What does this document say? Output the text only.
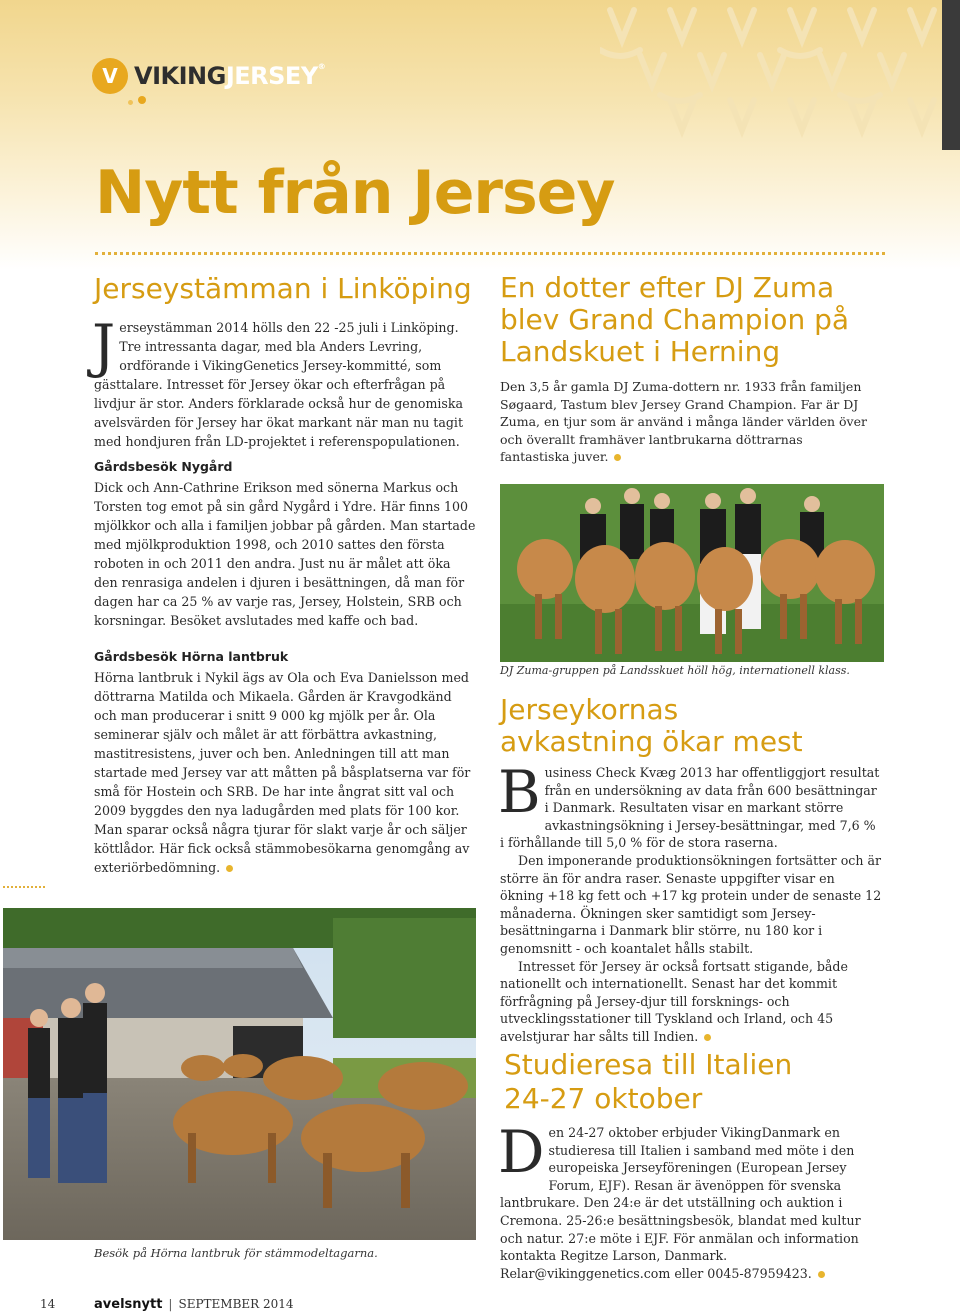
V VIKINGJERSEY®
Nytt från Jersey
Jerseystämman i Linköping

Jerseystämman 2014 hölls den 22 -25 juli i Linköping. Tre intressanta dagar, med bla Anders Levring, ordförande i VikingGenetics Jersey-kommitté, som gästtalare. Intresset för Jersey ökar och efterfrågan på livdjur är stor. Anders förklarade också hur de genomiska avelsvärden för Jersey har ökat markant när man nu tagit med hondjuren från LD-projektet i referenspopulationen.

Gårdsbesök Nygård

Dick och Ann-Cathrine Erikson med sönerna Markus och Torsten tog emot på sin gård Nygård i Ydre. Här finns 100 mjölkkor och alla i familjen jobbar på gården. Man startade med mjölkproduktion 1998, och 2010 sattes den första roboten in och 2011 den andra. Just nu är målet att öka den renrasiga andelen i djuren i besättningen, då man för dagen har ca 25 % av varje ras, Jersey, Holstein, SRB och korsningar. Besöket avslutades med kaffe och bad.

Gårdsbesök Hörna lantbruk

Hörna lantbruk i Nykil ägs av Ola och Eva Danielsson med döttrarna Matilda och Mikaela. Gården är Kravgodkänd och man producerar i snitt 9 000 kg mjölk per år. Ola seminerar själv och målet är att förbättra avkastning, mastitresistens, juver och ben. Anledningen till att man startade med Jersey var att måtten på båsplatserna var för små för Hostein och SRB. De har inte ångrat sitt val och 2009 byggdes den nya ladugården med plats för 100 kor. Man sparar också några tjurar för slakt varje år och säljer köttlådor. Här fick också stämmobesökarna genomgång av exteriörbedömning.

Besök på Hörna lantbruk för stämmodeltagarna.
En dotter efter DJ Zuma
blev Grand Champion på
Landskuet i Herning

Den 3,5 år gamla DJ Zuma-dottern nr. 1933 från familjen Søgaard, Tastum blev Jersey Grand Champion. Far är DJ Zuma, en tjur som är använd i många länder världen över och överallt framhäver lantbrukarna döttrarnas fantastiska juver.

DJ Zuma-gruppen på Landsskuet höll hög, internationell klass.
Jerseykornas
avkastning ökar mest

Business Check Kvæg 2013 har offentliggjort resultat från en undersökning av data från 600 besättningar i Danmark. Resultaten visar en markant större avkastningsökning i Jersey-besättningar, med 7,6 % i förhållande till 5,0 % för de stora raserna.

Den imponerande produktionsökningen fortsätter och är större än för andra raser. Senaste uppgifter visar en ökning +18 kg fett och +17 kg protein under de senaste 12 månaderna. Ökningen sker samtidigt som Jersey-besättningarna i Danmark blir större, nu 180 kor i genomsnitt - och koantalet hålls stabilt.

Intresset för Jersey är också fortsatt stigande, både nationellt och internationellt. Senast har det kommit förfrågning på Jersey-djur till forsknings- och utvecklingsstationer till Tyskland och Irland, och 45 avelstjurar har sålts till Indien.

Studieresa till Italien
24-27 oktober

Den 24-27 oktober erbjuder VikingDanmark en studieresa till Italien i samband med möte i den europeiska Jerseyföreningen (European Jersey Forum, EJF). Resan är ävenöppen för svenska lantbrukare. Den 24:e är det utställning och auktion i Cremona. 25-26:e besättningsbesök, blandat med kultur och natur. 27:e möte i EJF. För anmälan och information kontakta Regitze Larson, Danmark. Relar@vikinggenetics.com eller 0045-87959423.

14	avelsnytt | SEPTEMBER 2014
